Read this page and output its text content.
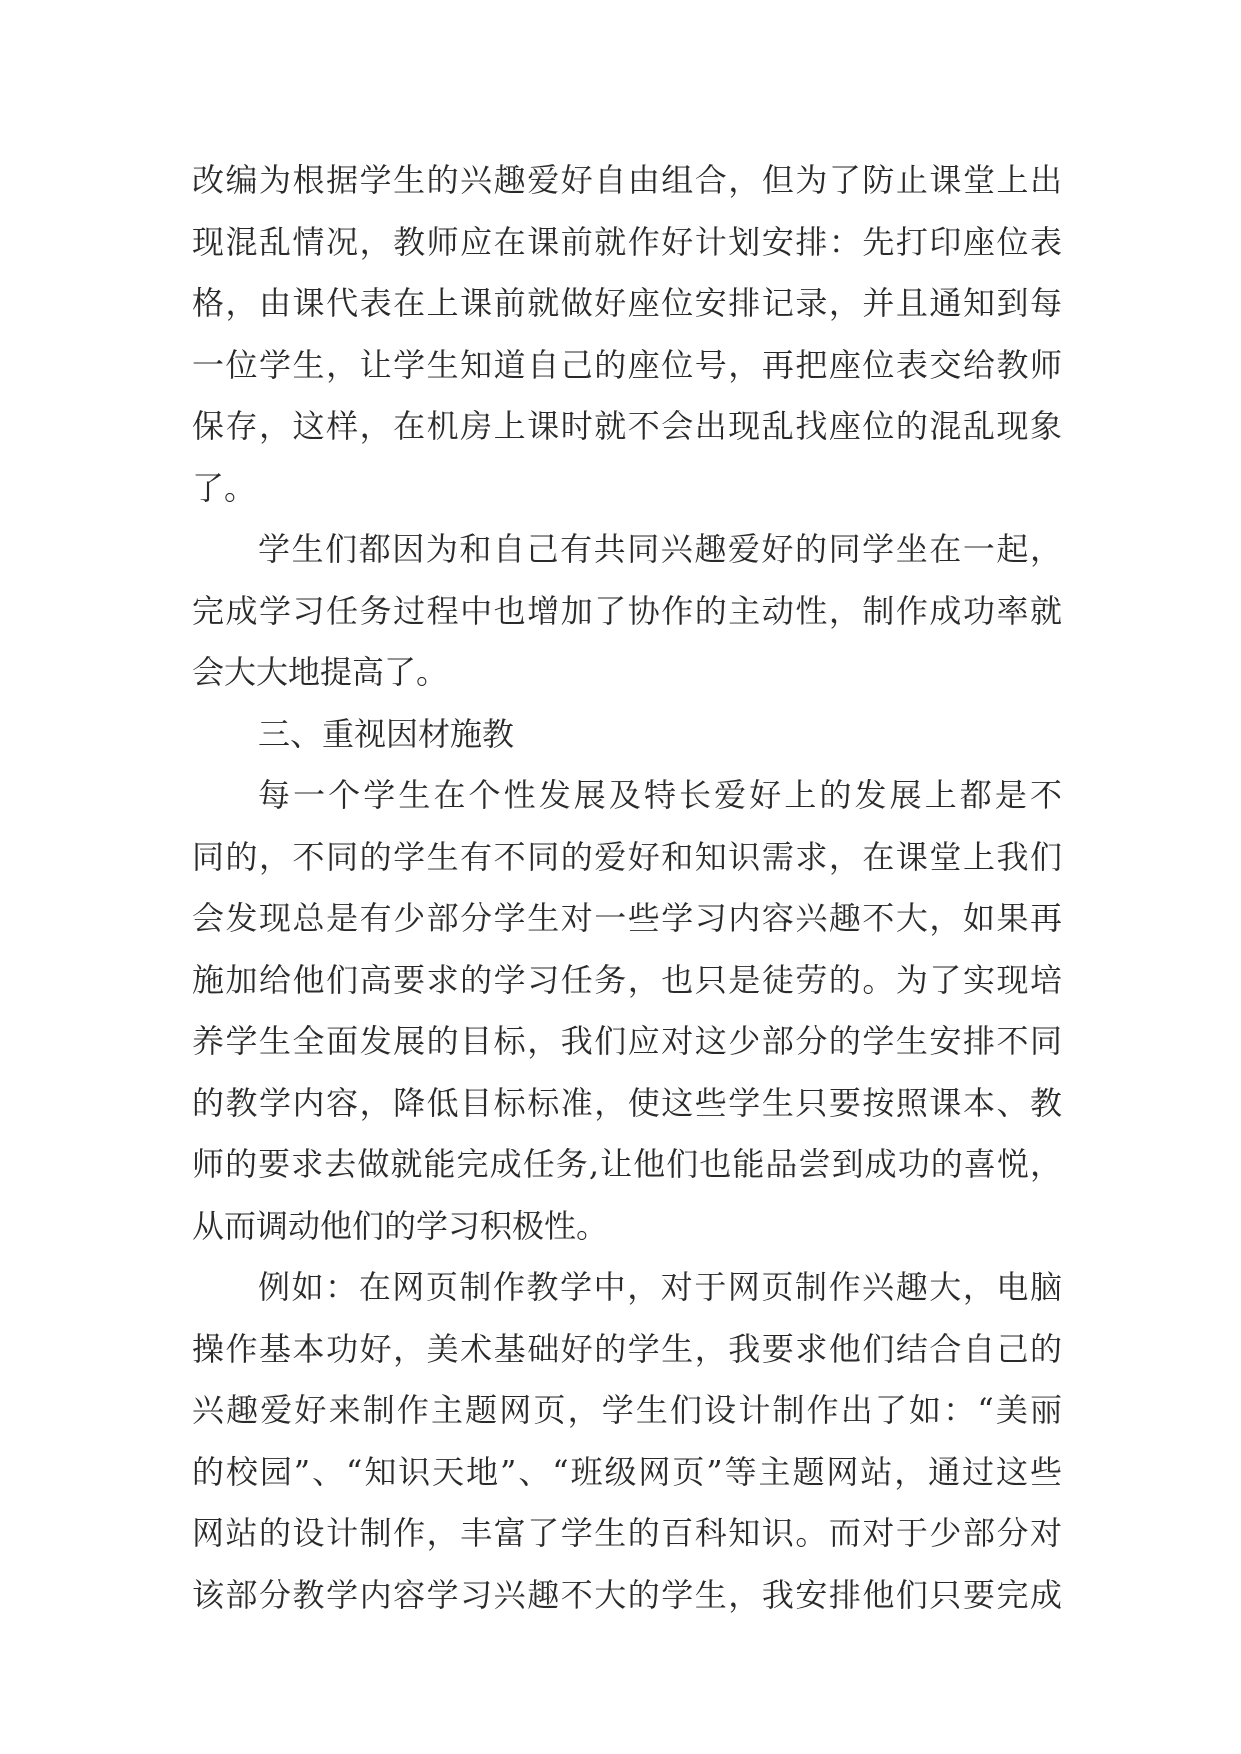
改编为根据学生的兴趣爱好自由组合，但为了防止课堂上出
现混乱情况，教师应在课前就作好计划安排：先打印座位表
格，由课代表在上课前就做好座位安排记录，并且通知到每
一位学生，让学生知道自己的座位号，再把座位表交给教师
保存，这样，在机房上课时就不会出现乱找座位的混乱现象
了。
学生们都因为和自己有共同兴趣爱好的同学坐在一起，
完成学习任务过程中也增加了协作的主动性，制作成功率就
会大大地提高了。
三、重视因材施教
每一个学生在个性发展及特长爱好上的发展上都是不
同的，不同的学生有不同的爱好和知识需求，在课堂上我们
会发现总是有少部分学生对一些学习内容兴趣不大，如果再
施加给他们高要求的学习任务，也只是徒劳的。为了实现培
养学生全面发展的目标，我们应对这少部分的学生安排不同
的教学内容，降低目标标准，使这些学生只要按照课本、教
师的要求去做就能完成任务,让他们也能品尝到成功的喜悦，
从而调动他们的学习积极性。
例如：在网页制作教学中，对于网页制作兴趣大，电脑
操作基本功好，美术基础好的学生，我要求他们结合自己的
兴趣爱好来制作主题网页，学生们设计制作出了如：“美丽
的校园”、“知识天地”、“班级网页”等主题网站，通过这些
网站的设计制作，丰富了学生的百科知识。而对于少部分对
该部分教学内容学习兴趣不大的学生，我安排他们只要完成
